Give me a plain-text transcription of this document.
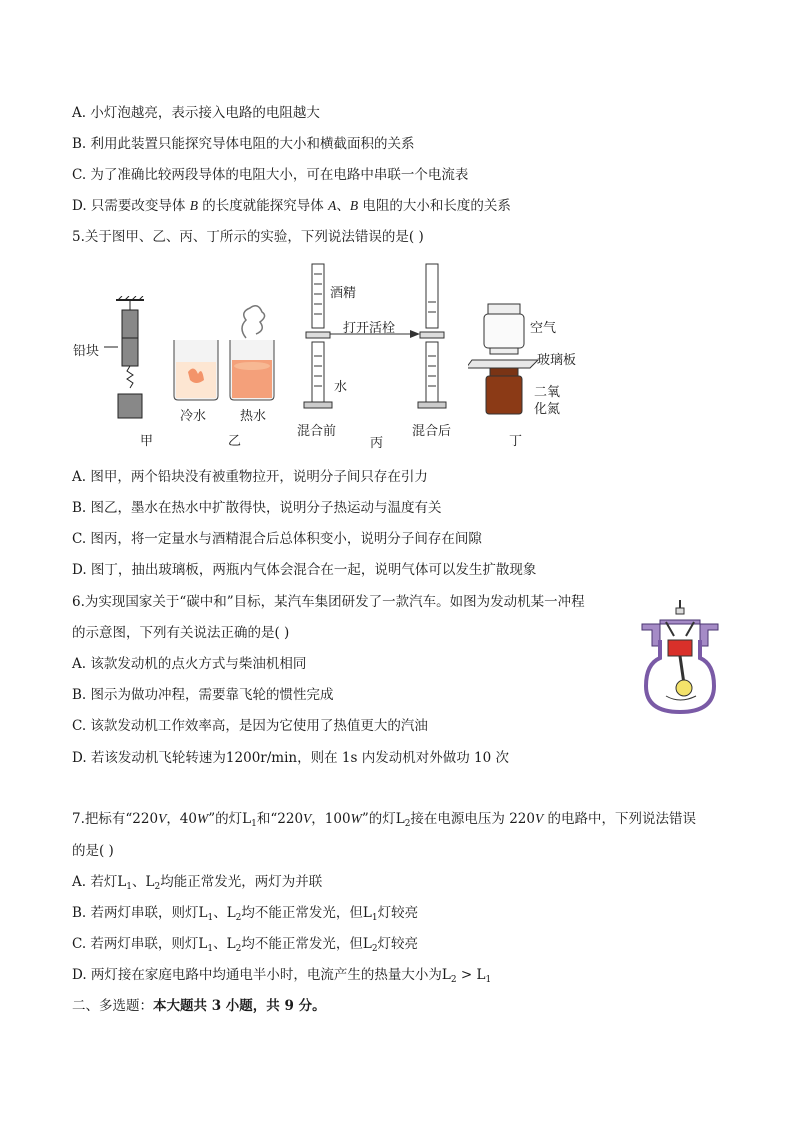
A. 小灯泡越亮，表示接入电路的电阻越大
B. 利用此装置只能探究导体电阻的大小和横截面积的关系
C. 为了准确比较两段导体的电阻大小，可在电路中串联一个电流表
D. 只需要改变导体 B 的长度就能探究导体 A、B 电阻的大小和长度的关系
5.关于图甲、乙、丙、丁所示的实验，下列说法错误的是( )
铅块
甲
冷水	热水
乙
酒精
水
打开活栓
混合前	混合后
丙
空气
玻璃板
二氧
化氮
丁
A. 图甲，两个铅块没有被重物拉开，说明分子间只存在引力
B. 图乙，墨水在热水中扩散得快，说明分子热运动与温度有关
C. 图丙，将一定量水与酒精混合后总体积变小，说明分子间存在间隙
D. 图丁，抽出玻璃板，两瓶内气体会混合在一起，说明气体可以发生扩散现象
6.为实现国家关于“碳中和”目标，某汽车集团研发了一款汽车。如图为发动机某一冲程
的示意图，下列有关说法正确的是( )
A. 该款发动机的点火方式与柴油机相同
B. 图示为做功冲程，需要靠飞轮的惯性完成
C. 该款发动机工作效率高，是因为它使用了热值更大的汽油
D. 若该发动机飞轮转速为1200r/min，则在 1s 内发动机对外做功 10 次
7.把标有“220V，40W”的灯$L_1$和“220V，100W”的灯$L_2$接在电源电压为 220V 的电路中，下列说法错误
的是( )
A. 若灯$L_1$、$L_2$均能正常发光，两灯为并联
B. 若两灯串联，则灯$L_1$、$L_2$均不能正常发光，但$L_1$灯较亮
C. 若两灯串联，则灯$L_1$、$L_2$均不能正常发光，但$L_2$灯较亮
D. 两灯接在家庭电路中均通电半小时，电流产生的热量大小为$L_2 > L_1$
二、多选题：本大题共 3 小题，共 9 分。
